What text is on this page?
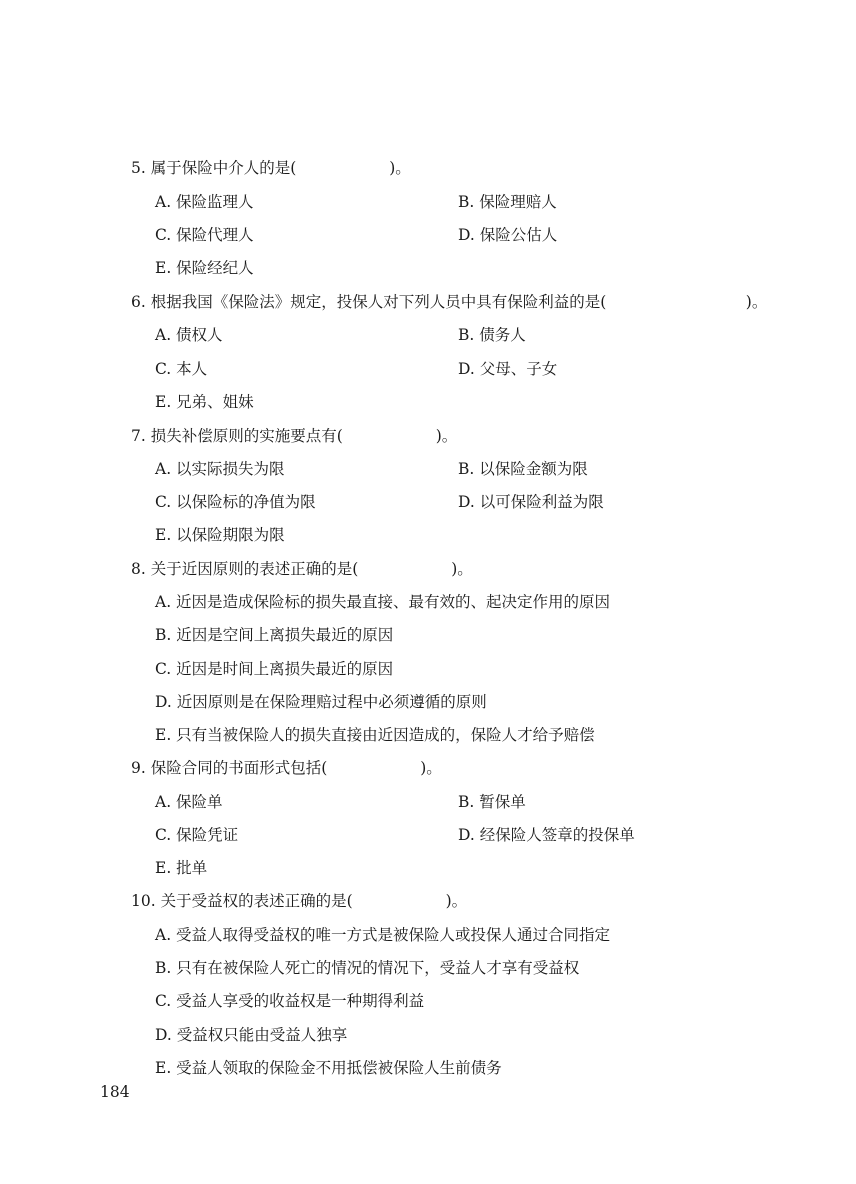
5. 属于保险中介人的是(　　　　　　)。
A. 保险监理人	B. 保险理赔人
C. 保险代理人	D. 保险公估人
E. 保险经纪人
6. 根据我国《保险法》规定，投保人对下列人员中具有保险利益的是(　　　　　　　　　)。
A. 债权人	B. 债务人
C. 本人	D. 父母、子女
E. 兄弟、姐妹
7. 损失补偿原则的实施要点有(　　　　　　)。
A. 以实际损失为限	B. 以保险金额为限
C. 以保险标的净值为限	D. 以可保险利益为限
E. 以保险期限为限
8. 关于近因原则的表述正确的是(　　　　　　)。
A. 近因是造成保险标的损失最直接、最有效的、起决定作用的原因
B. 近因是空间上离损失最近的原因
C. 近因是时间上离损失最近的原因
D. 近因原则是在保险理赔过程中必须遵循的原则
E. 只有当被保险人的损失直接由近因造成的，保险人才给予赔偿
9. 保险合同的书面形式包括(　　　　　　)。
A. 保险单	B. 暂保单
C. 保险凭证	D. 经保险人签章的投保单
E. 批单
10. 关于受益权的表述正确的是(　　　　　　)。
A. 受益人取得受益权的唯一方式是被保险人或投保人通过合同指定
B. 只有在被保险人死亡的情况的情况下，受益人才享有受益权
C. 受益人享受的收益权是一种期得利益
D. 受益权只能由受益人独享
E. 受益人领取的保险金不用抵偿被保险人生前债务
184
